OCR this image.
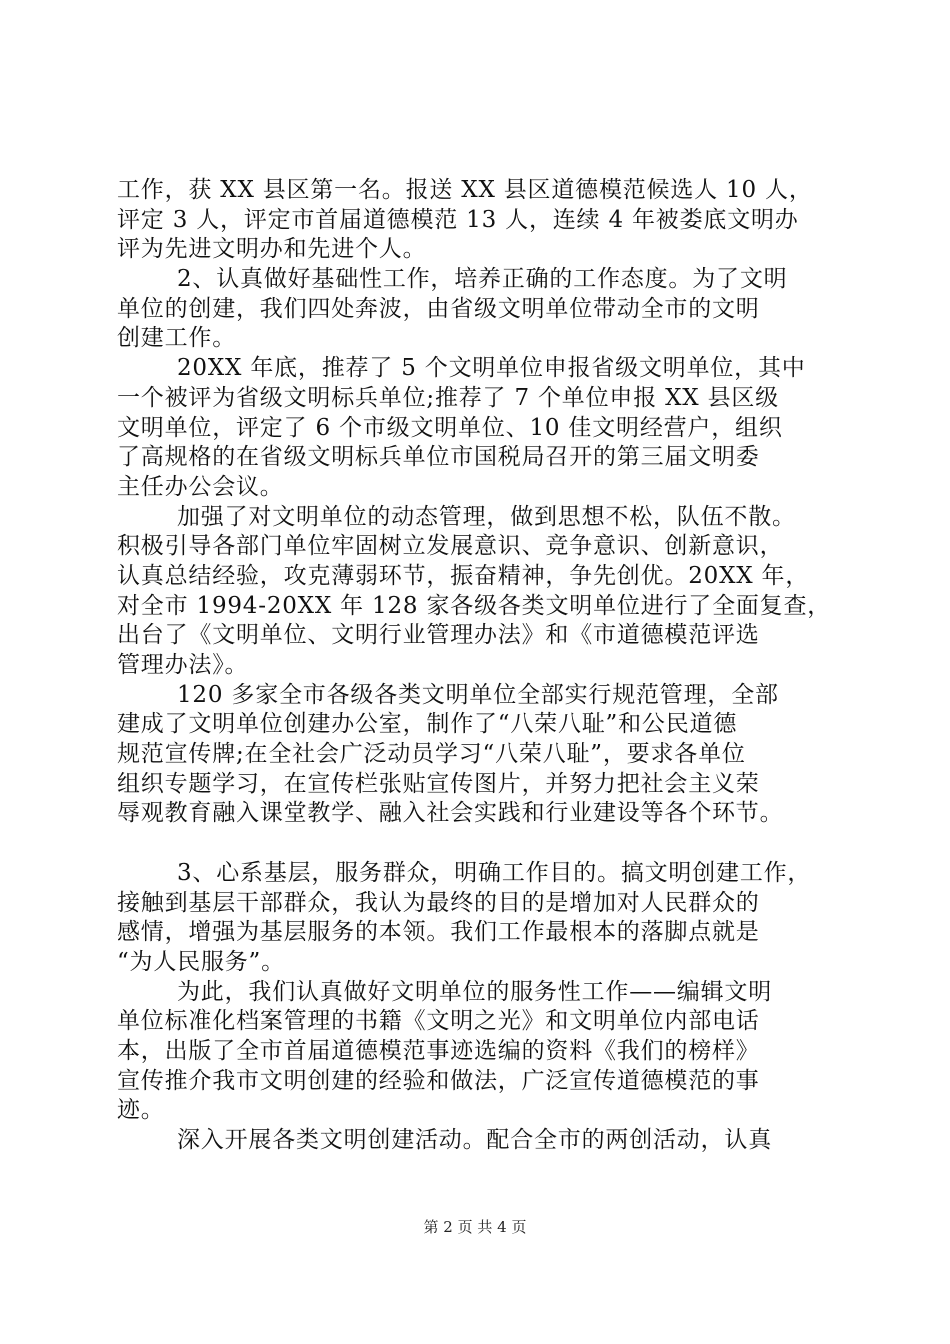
工作，获 XX 县区第一名。报送 XX 县区道德模范候选人 10 人，
评定 3 人，评定市首届道德模范 13 人，连续 4 年被娄底文明办
评为先进文明办和先进个人。
2、认真做好基础性工作，培养正确的工作态度。为了文明
单位的创建，我们四处奔波，由省级文明单位带动全市的文明
创建工作。
20XX 年底，推荐了 5 个文明单位申报省级文明单位，其中
一个被评为省级文明标兵单位;推荐了 7 个单位申报 XX 县区级
文明单位，评定了 6 个市级文明单位、10 佳文明经营户，组织
了高规格的在省级文明标兵单位市国税局召开的第三届文明委
主任办公会议。
加强了对文明单位的动态管理，做到思想不松，队伍不散。
积极引导各部门单位牢固树立发展意识、竞争意识、创新意识，
认真总结经验，攻克薄弱环节，振奋精神，争先创优。20XX 年，
对全市 1994-20XX 年 128 家各级各类文明单位进行了全面复查，
出台了《文明单位、文明行业管理办法》和《市道德模范评选
管理办法》。
120 多家全市各级各类文明单位全部实行规范管理，全部
建成了文明单位创建办公室，制作了“八荣八耻”和公民道德
规范宣传牌;在全社会广泛动员学习“八荣八耻”，要求各单位
组织专题学习，在宣传栏张贴宣传图片，并努力把社会主义荣
辱观教育融入课堂教学、融入社会实践和行业建设等各个环节。
3、心系基层，服务群众，明确工作目的。搞文明创建工作，
接触到基层干部群众，我认为最终的目的是增加对人民群众的
感情，增强为基层服务的本领。我们工作最根本的落脚点就是
“为人民服务”。
为此，我们认真做好文明单位的服务性工作——编辑文明
单位标准化档案管理的书籍《文明之光》和文明单位内部电话
本，出版了全市首届道德模范事迹选编的资料《我们的榜样》
宣传推介我市文明创建的经验和做法，广泛宣传道德模范的事
迹。
深入开展各类文明创建活动。配合全市的两创活动，认真
第 2 页 共 4 页
